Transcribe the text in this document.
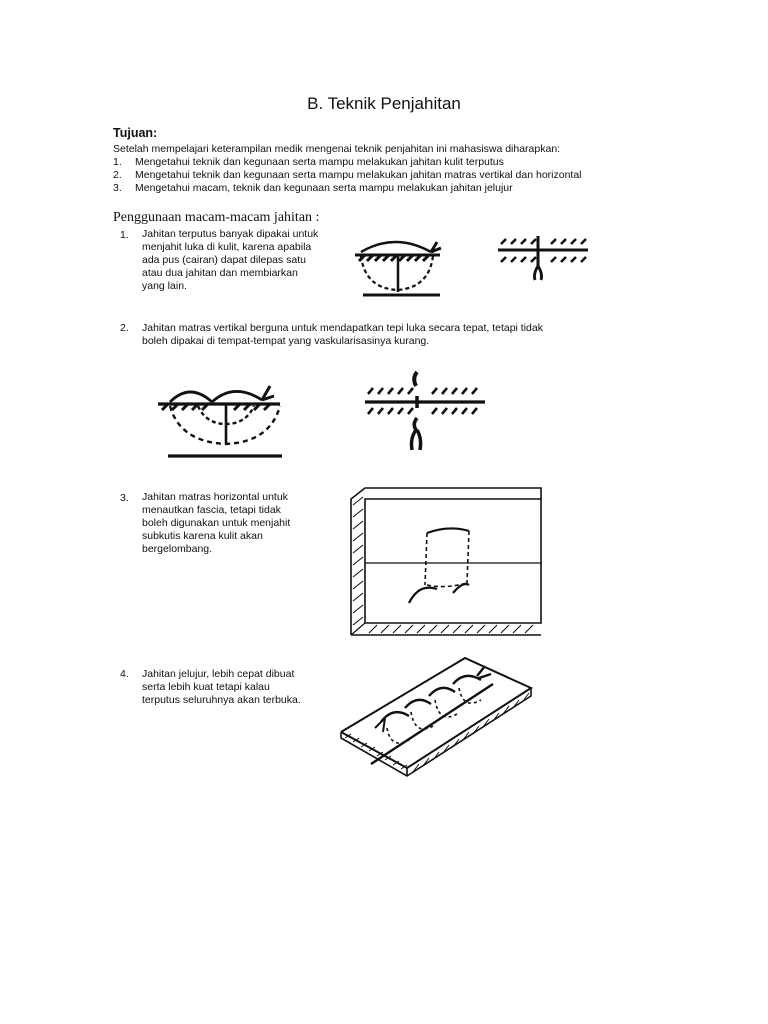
B. Teknik Penjahitan
Tujuan:
Setelah mempelajari keterampilan medik mengenai teknik penjahitan ini mahasiswa diharapkan:
1. Mengetahui teknik dan kegunaan serta mampu melakukan jahitan kulit terputus
2. Mengetahui teknik dan kegunaan serta mampu melakukan jahitan matras vertikal dan horizontal
3. Mengetahui macam, teknik dan kegunaan serta mampu melakukan jahitan jelujur
Penggunaan macam-macam jahitan :
1. Jahitan terputus banyak dipakai untuk
menjahit luka di kulit, karena apabila
ada pus (cairan) dapat dilepas satu
atau dua jahitan dan membiarkan
yang lain.
2. Jahitan matras vertikal berguna untuk mendapatkan tepi luka secara tepat, tetapi tidak
boleh dipakai di tempat-tempat yang vaskularisasinya kurang.
3. Jahitan matras horizontal untuk
menautkan fascia, tetapi tidak
boleh digunakan untuk menjahit
subkutis karena kulit akan
bergelombang.
4. Jahitan jelujur, lebih cepat dibuat
serta lebih kuat tetapi kalau
terputus seluruhnya akan terbuka.
